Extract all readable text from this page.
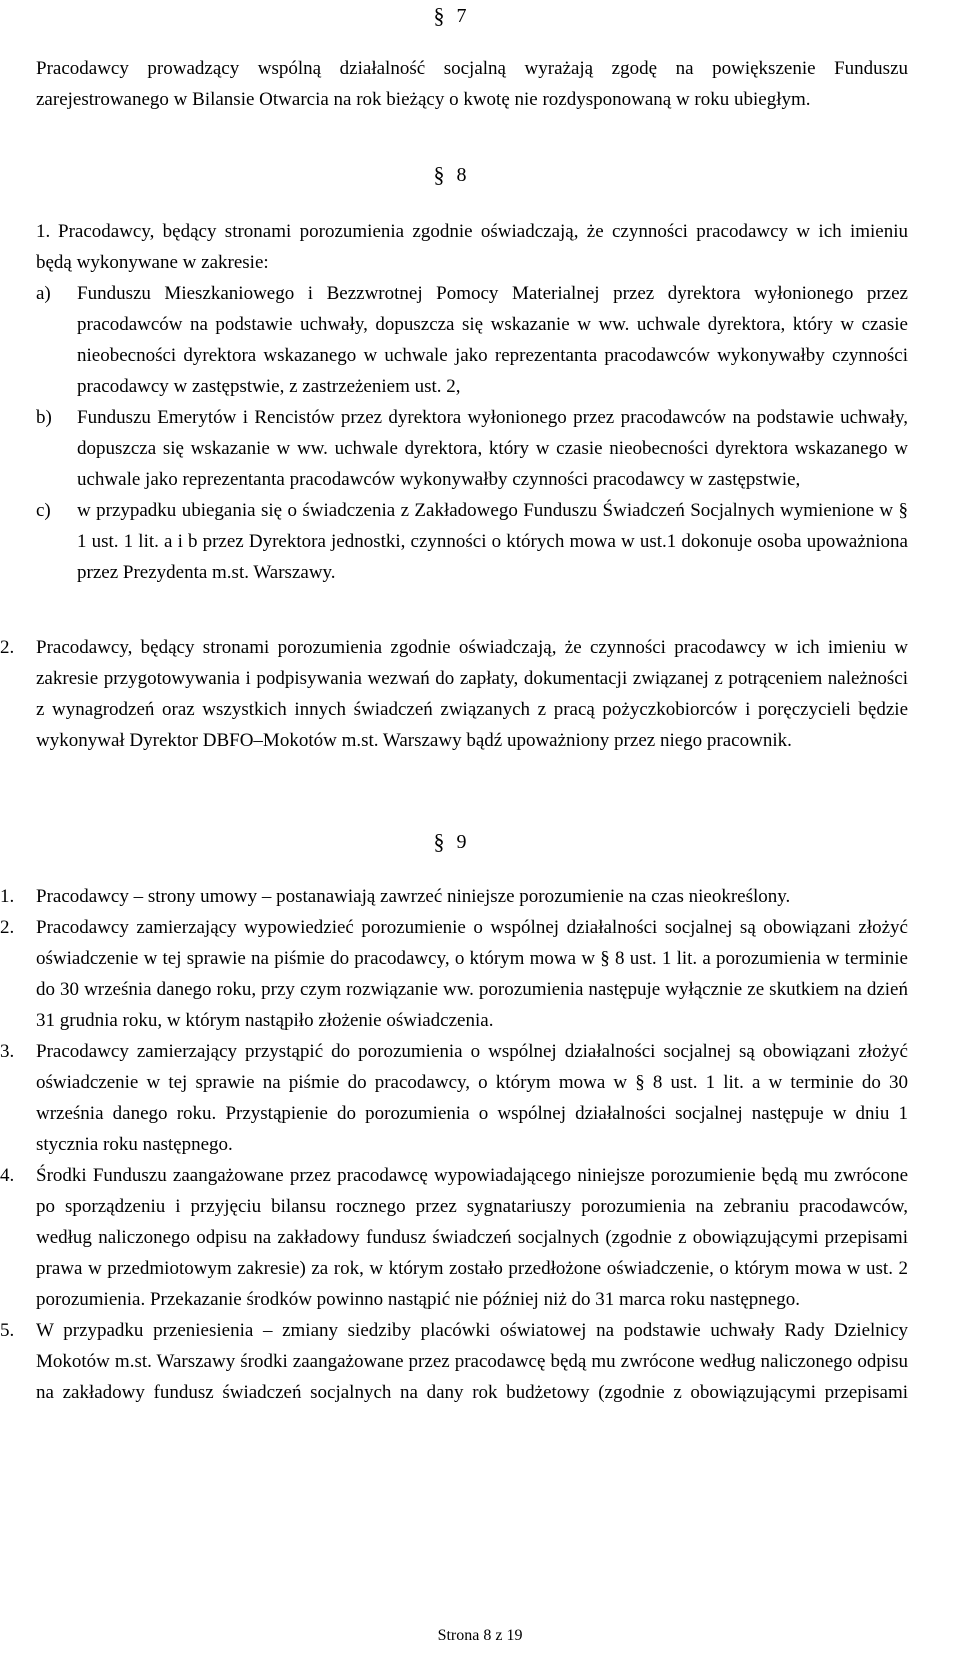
§ 7
Pracodawcy prowadzący wspólną działalność socjalną wyrażają zgodę na powiększenie Funduszu zarejestrowanego w Bilansie Otwarcia na rok bieżący o kwotę nie rozdysponowaną w roku ubiegłym.
§ 8
1. Pracodawcy, będący stronami porozumienia zgodnie oświadczają, że czynności pracodawcy w ich imieniu będą wykonywane w zakresie:
a) Funduszu Mieszkaniowego i Bezzwrotnej Pomocy Materialnej przez dyrektora wyłonionego przez pracodawców na podstawie uchwały, dopuszcza się wskazanie w ww. uchwale dyrektora, który w czasie nieobecności dyrektora wskazanego w uchwale jako reprezentanta pracodawców wykonywałby czynności pracodawcy w zastępstwie, z zastrzeżeniem ust. 2,
b) Funduszu Emerytów i Rencistów przez dyrektora wyłonionego przez pracodawców na podstawie uchwały, dopuszcza się wskazanie w ww. uchwale dyrektora, który w czasie nieobecności dyrektora wskazanego w uchwale jako reprezentanta pracodawców wykonywałby czynności pracodawcy w zastępstwie,
c) w przypadku ubiegania się o świadczenia z Zakładowego Funduszu Świadczeń Socjalnych wymienione w § 1 ust. 1 lit. a i b przez Dyrektora jednostki, czynności o których mowa w ust.1 dokonuje osoba upoważniona przez Prezydenta m.st. Warszawy.
2. Pracodawcy, będący stronami porozumienia zgodnie oświadczają, że czynności pracodawcy w ich imieniu w zakresie przygotowywania i podpisywania wezwań do zapłaty, dokumentacji związanej z potrąceniem należności z wynagrodzeń oraz wszystkich innych świadczeń związanych z pracą pożyczkobiorców i poręczycieli będzie wykonywał Dyrektor DBFO–Mokotów m.st. Warszawy bądź upoważniony przez niego pracownik.
§ 9
1. Pracodawcy – strony umowy – postanawiają zawrzeć niniejsze porozumienie na czas nieokreślony.
2. Pracodawcy zamierzający wypowiedzieć porozumienie o wspólnej działalności socjalnej są obowiązani złożyć oświadczenie w tej sprawie na piśmie do pracodawcy, o którym mowa w § 8 ust. 1 lit. a porozumienia w terminie do 30 września danego roku, przy czym rozwiązanie ww. porozumienia następuje wyłącznie ze skutkiem na dzień 31 grudnia roku, w którym nastąpiło złożenie oświadczenia.
3. Pracodawcy zamierzający przystąpić do porozumienia o wspólnej działalności socjalnej są obowiązani złożyć oświadczenie w tej sprawie na piśmie do pracodawcy, o którym mowa w § 8 ust. 1 lit. a w terminie do 30 września danego roku. Przystąpienie do porozumienia o wspólnej działalności socjalnej następuje w dniu 1 stycznia roku następnego.
4. Środki Funduszu zaangażowane przez pracodawcę wypowiadającego niniejsze porozumienie będą mu zwrócone po sporządzeniu i przyjęciu bilansu rocznego przez sygnatariuszy porozumienia na zebraniu pracodawców, według naliczonego odpisu na zakładowy fundusz świadczeń socjalnych (zgodnie z obowiązującymi przepisami prawa w przedmiotowym zakresie) za rok, w którym zostało przedłożone oświadczenie, o którym mowa w ust. 2 porozumienia. Przekazanie środków powinno nastąpić nie później niż do 31 marca roku następnego.
5. W przypadku przeniesienia – zmiany siedziby placówki oświatowej na podstawie uchwały Rady Dzielnicy Mokotów m.st. Warszawy środki zaangażowane przez pracodawcę będą mu zwrócone według naliczonego odpisu na zakładowy fundusz świadczeń socjalnych na dany rok budżetowy (zgodnie z obowiązującymi przepisami
Strona 8 z 19
